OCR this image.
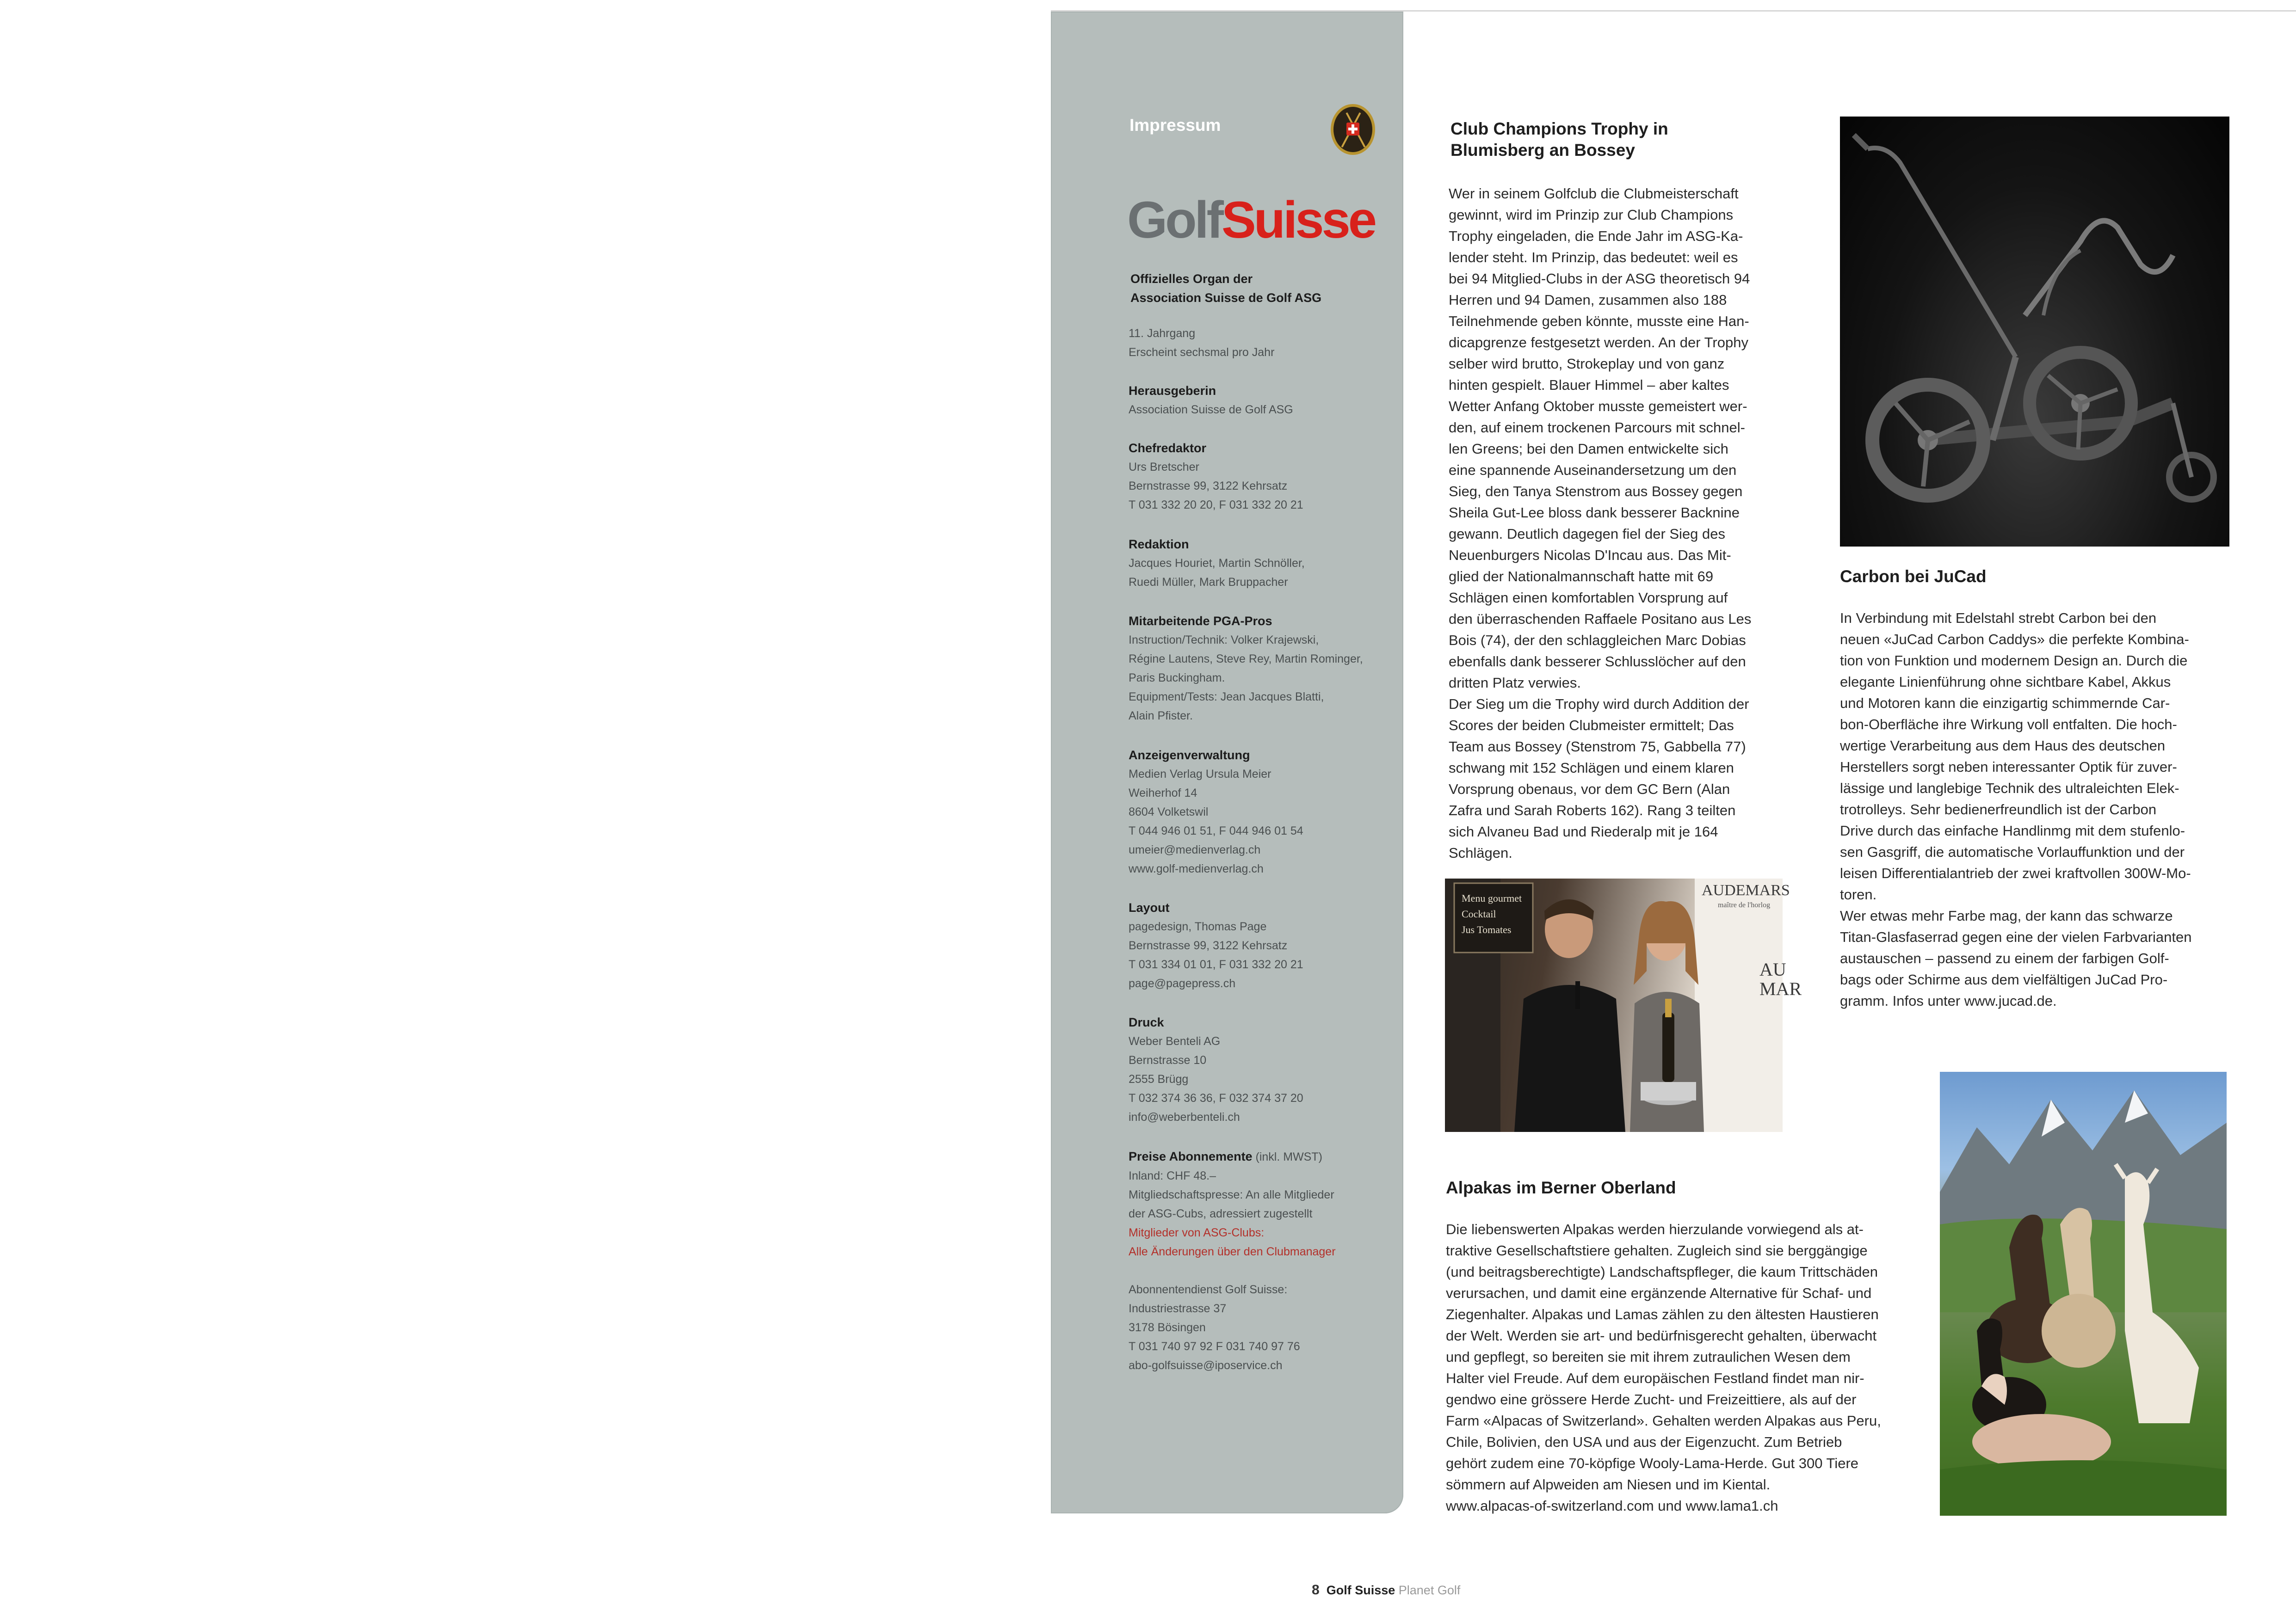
Impressum
GolfSuisse
Offizielles Organ der
Association Suisse de Golf ASG
11. Jahrgang
Erscheint sechsmal pro Jahr
Herausgeberin
Association Suisse de Golf ASG
Chefredaktor
Urs Bretscher
Bernstrasse 99, 3122 Kehrsatz
T 031 332 20 20, F 031 332 20 21
Redaktion
Jacques Houriet, Martin Schnöller,
Ruedi Müller, Mark Bruppacher
Mitarbeitende PGA-Pros
Instruction/Technik: Volker Krajewski,
Régine Lautens, Steve Rey, Martin Rominger,
Paris Buckingham.
Equipment/Tests: Jean Jacques Blatti,
Alain Pfister.
Anzeigenverwaltung
Medien Verlag Ursula Meier
Weiherhof 14
8604 Volketswil
T 044 946 01 51, F 044 946 01 54
umeier@medienverlag.ch
www.golf-medienverlag.ch
Layout
pagedesign, Thomas Page
Bernstrasse 99, 3122 Kehrsatz
T 031 334 01 01, F 031 332 20 21
page@pagepress.ch
Druck
Weber Benteli AG
Bernstrasse 10
2555 Brügg
T 032 374 36 36, F 032 374 37 20
info@weberbenteli.ch
Preise Abonnemente (inkl. MWST)
Inland: CHF 48.–
Mitgliedschaftspresse: An alle Mitglieder
der ASG-Cubs, adressiert zugestellt
Mitglieder von ASG-Clubs:
Alle Änderungen über den Clubmanager
Abonnentendienst Golf Suisse:
Industriestrasse 37
3178 Bösingen
T 031 740 97 92 F 031 740 97 76
abo-golfsuisse@iposervice.ch
Club Champions Trophy in
Blumisberg an Bossey
Wer in seinem Golfclub die Clubmeisterschaft
gewinnt, wird im Prinzip zur Club Champions
Trophy eingeladen, die Ende Jahr im ASG-Ka-
lender steht. Im Prinzip, das bedeutet: weil es
bei 94 Mitglied-Clubs in der ASG theoretisch 94
Herren und 94 Damen, zusammen also 188
Teilnehmende geben könnte, musste eine Han-
dicapgrenze festgesetzt werden. An der Trophy
selber wird brutto, Strokeplay und von ganz
hinten gespielt. Blauer Himmel – aber kaltes
Wetter Anfang Oktober musste gemeistert wer-
den, auf einem trockenen Parcours mit schnel-
len Greens; bei den Damen entwickelte sich
eine spannende Auseinandersetzung um den
Sieg, den Tanya Stenstrom aus Bossey gegen
Sheila Gut-Lee bloss dank besserer Backnine
gewann. Deutlich dagegen fiel der Sieg des
Neuenburgers Nicolas D'Incau aus. Das Mit-
glied der Nationalmannschaft hatte mit 69
Schlägen einen komfortablen Vorsprung auf
den überraschenden Raffaele Positano aus Les
Bois (74), der den schlaggleichen Marc Dobias
ebenfalls dank besserer Schlusslöcher auf den
dritten Platz verwies.
Der Sieg um die Trophy wird durch Addition der
Scores der beiden Clubmeister ermittelt; Das
Team aus Bossey (Stenstrom 75, Gabbella 77)
schwang mit 152 Schlägen und einem klaren
Vorsprung obenaus, vor dem GC Bern (Alan
Zafra und Sarah Roberts 162). Rang 3 teilten
sich Alvaneu Bad und Riederalp mit je 164
Schlägen.
Menu gourmet
Cocktail
Jus Tomates
AUDEMARS
maître de l'horlog
AU
MAR
Carbon bei JuCad
In Verbindung mit Edelstahl strebt Carbon bei den
neuen «JuCad Carbon Caddys» die perfekte Kombina-
tion von Funktion und modernem Design an. Durch die
elegante Linienführung ohne sichtbare Kabel, Akkus
und Motoren kann die einzigartig schimmernde Car-
bon-Oberfläche ihre Wirkung voll entfalten. Die hoch-
wertige Verarbeitung aus dem Haus des deutschen
Herstellers sorgt neben interessanter Optik für zuver-
lässige und langlebige Technik des ultraleichten Elek-
trotrolleys. Sehr bedienerfreundlich ist der Carbon
Drive durch das einfache Handlinmg mit dem stufenlo-
sen Gasgriff, die automatische Vorlauffunktion und der
leisen Differentialantrieb der zwei kraftvollen 300W-Mo-
toren.
Wer etwas mehr Farbe mag, der kann das schwarze
Titan-Glasfaserrad gegen eine der vielen Farbvarianten
austauschen – passend zu einem der farbigen Golf-
bags oder Schirme aus dem vielfältigen JuCad Pro-
gramm. Infos unter www.jucad.de.
Alpakas im Berner Oberland
Die liebenswerten Alpakas werden hierzulande vorwiegend als at-
traktive Gesellschaftstiere gehalten. Zugleich sind sie berggängige
(und beitragsberechtigte) Landschaftspfleger, die kaum Trittschäden
verursachen, und damit eine ergänzende Alternative für Schaf- und
Ziegenhalter. Alpakas und Lamas zählen zu den ältesten Haustieren
der Welt. Werden sie art- und bedürfnisgerecht gehalten, überwacht
und gepflegt, so bereiten sie mit ihrem zutraulichen Wesen dem
Halter viel Freude. Auf dem europäischen Festland findet man nir-
gendwo eine grössere Herde Zucht- und Freizeittiere, als auf der
Farm «Alpacas of Switzerland». Gehalten werden Alpakas aus Peru,
Chile, Bolivien, den USA und aus der Eigenzucht. Zum Betrieb
gehört zudem eine 70-köpfige Wooly-Lama-Herde. Gut 300 Tiere
sömmern auf Alpweiden am Niesen und im Kiental.
www.alpacas-of-switzerland.com und www.lama1.ch
8 Golf Suisse Planet Golf
